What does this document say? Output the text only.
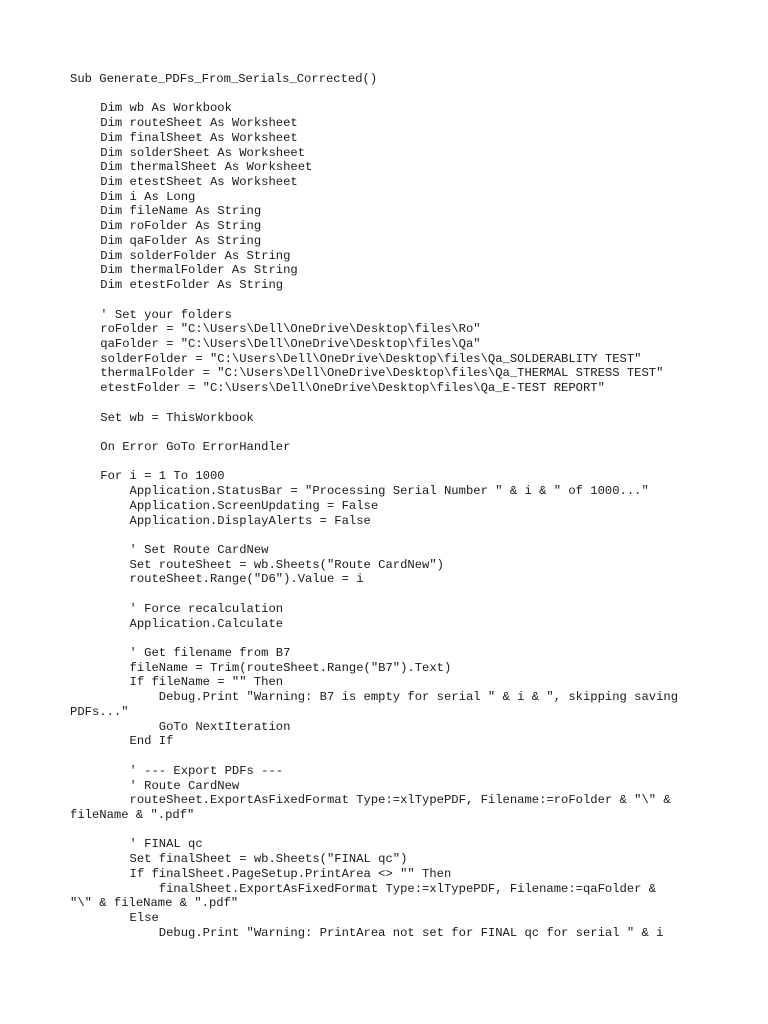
Sub Generate_PDFs_From_Serials_Corrected()
Dim wb As Workbook
Dim routeSheet As Worksheet
Dim finalSheet As Worksheet
Dim solderSheet As Worksheet
Dim thermalSheet As Worksheet
Dim etestSheet As Worksheet
Dim i As Long
Dim fileName As String
Dim roFolder As String
Dim qaFolder As String
Dim solderFolder As String
Dim thermalFolder As String
Dim etestFolder As String
' Set your folders
roFolder = "C:\Users\Dell\OneDrive\Desktop\files\Ro"
qaFolder = "C:\Users\Dell\OneDrive\Desktop\files\Qa"
solderFolder = "C:\Users\Dell\OneDrive\Desktop\files\Qa_SOLDERABLITY TEST"
thermalFolder = "C:\Users\Dell\OneDrive\Desktop\files\Qa_THERMAL STRESS TEST"
etestFolder = "C:\Users\Dell\OneDrive\Desktop\files\Qa_E-TEST REPORT"
Set wb = ThisWorkbook
On Error GoTo ErrorHandler
For i = 1 To 1000
Application.StatusBar = "Processing Serial Number " & i & " of 1000..."
Application.ScreenUpdating = False
Application.DisplayAlerts = False
' Set Route CardNew
Set routeSheet = wb.Sheets("Route CardNew")
routeSheet.Range("D6").Value = i
' Force recalculation
Application.Calculate
' Get filename from B7
fileName = Trim(routeSheet.Range("B7").Text)
If fileName = "" Then
Debug.Print "Warning: B7 is empty for serial " & i & ", skipping saving
PDFs..."
GoTo NextIteration
End If
' --- Export PDFs ---
' Route CardNew
routeSheet.ExportAsFixedFormat Type:=xlTypePDF, Filename:=roFolder & "\" &
fileName & ".pdf"
' FINAL qc
Set finalSheet = wb.Sheets("FINAL qc")
If finalSheet.PageSetup.PrintArea <> "" Then
finalSheet.ExportAsFixedFormat Type:=xlTypePDF, Filename:=qaFolder &
"\" & fileName & ".pdf"
Else
Debug.Print "Warning: PrintArea not set for FINAL qc for serial " & i
